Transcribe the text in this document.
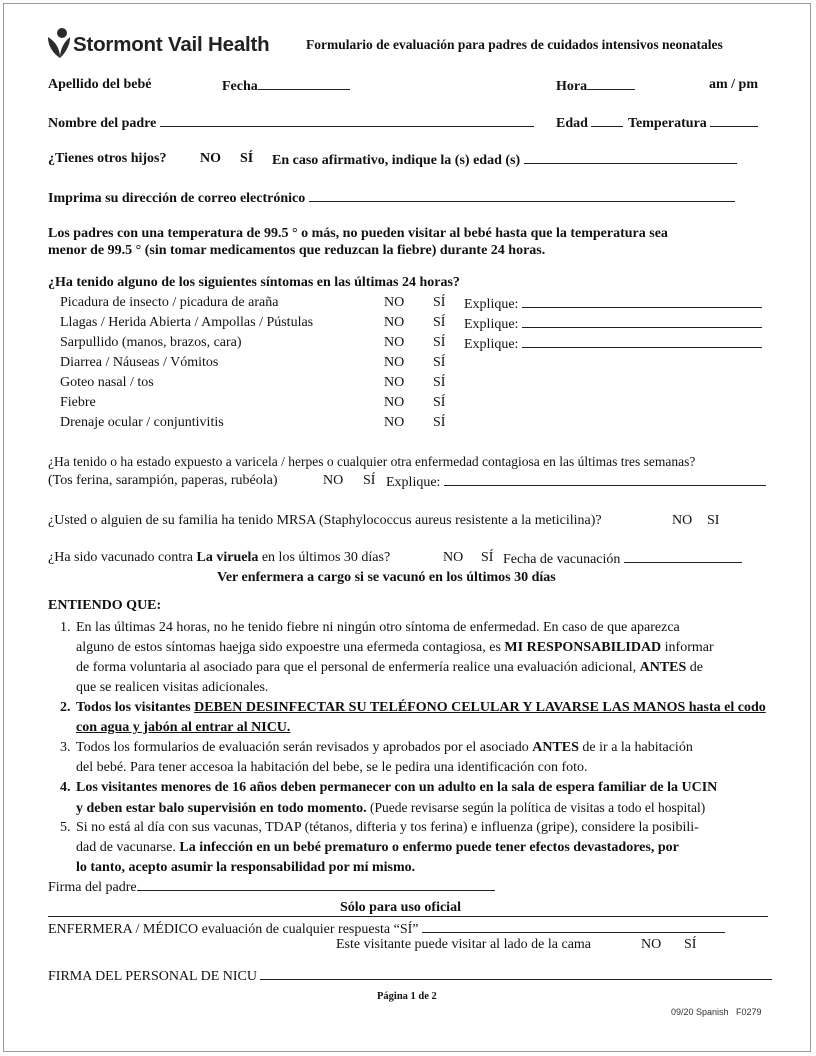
Stormont Vail Health	Formulario de evaluación para padres de cuidados intensivos neonatales
Apellido del bebé	Fecha	Hora	am / pm
Nombre del padre	Edad	Temperatura
¿Tienes otros hijos? NO SÍ En caso afirmativo, indique la (s) edad (s)
Imprima su dirección de correo electrónico
Los padres con una temperatura de 99.5 ° o más, no pueden visitar al bebé hasta que la temperatura sea
menor de 99.5 ° (sin tomar medicamentos que reduzcan la fiebre) durante 24 horas.
¿Ha tenido alguno de los siguientes síntomas en las últimas 24 horas?
Picadura de insecto / picadura de araña	NO SÍ Explique:
Llagas / Herida Abierta / Ampollas / Pústulas	NO SÍ Explique:
Sarpullido (manos, brazos, cara)	NO SÍ Explique:
Diarrea / Náuseas / Vómitos	NO SÍ
Goteo nasal / tos	NO SÍ
Fiebre	NO SÍ
Drenaje ocular / conjuntivitis	NO SÍ
¿Ha tenido o ha estado expuesto a varicela / herpes o cualquier otra enfermedad contagiosa en las últimas tres semanas?
(Tos ferina, sarampión, paperas, rubéola)	NO SÍ Explique:
¿Usted o alguien de su familia ha tenido MRSA (Staphylococcus aureus resistente a la meticilina)?	NO SI
¿Ha sido vacunado contra La viruela en los últimos 30 días?	NO SÍ Fecha de vacunación
Ver enfermera a cargo si se vacunó en los últimos 30 días
ENTIENDO QUE:
1. En las últimas 24 horas, no he tenido fiebre ni ningún otro síntoma de enfermedad. En caso de que aparezca
alguno de estos síntomas haejga sido expoestre una efermeda contagiosa, es MI RESPONSABILIDAD informar
de forma voluntaria al asociado para que el personal de enfermería realice una evaluación adicional, ANTES de
que se realicen visitas adicionales.
2. Todos los visitantes DEBEN DESINFECTAR SU TELÉFONO CELULAR Y LAVARSE LAS MANOS hasta el codo
con agua y jabón al entrar al NICU.
3. Todos los formularios de evaluación serán revisados y aprobados por el asociado ANTES de ir a la habitación
del bebé. Para tener accesoa la habitación del bebe, se le pedira una identificación con foto.
4. Los visitantes menores de 16 años deben permanecer con un adulto en la sala de espera familiar de la UCIN
y deben estar balo supervisión en todo momento. (Puede revisarse según la política de visitas a todo el hospital)
5. Si no está al día con sus vacunas, TDAP (tétanos, difteria y tos ferina) e influenza (gripe), considere la posibili-
dad de vacunarse. La infección en un bebé prematuro o enfermo puede tener efectos devastadores, por
lo tanto, acepto asumir la responsabilidad por mí mismo.
Firma del padre
Sólo para uso oficial
ENFERMERA / MÉDICO evaluación de cualquier respuesta “SÍ”
Este visitante puede visitar al lado de la cama	NO SÍ
FIRMA DEL PERSONAL DE NICU
Página 1 de 2
09/20 Spanish   F0279
